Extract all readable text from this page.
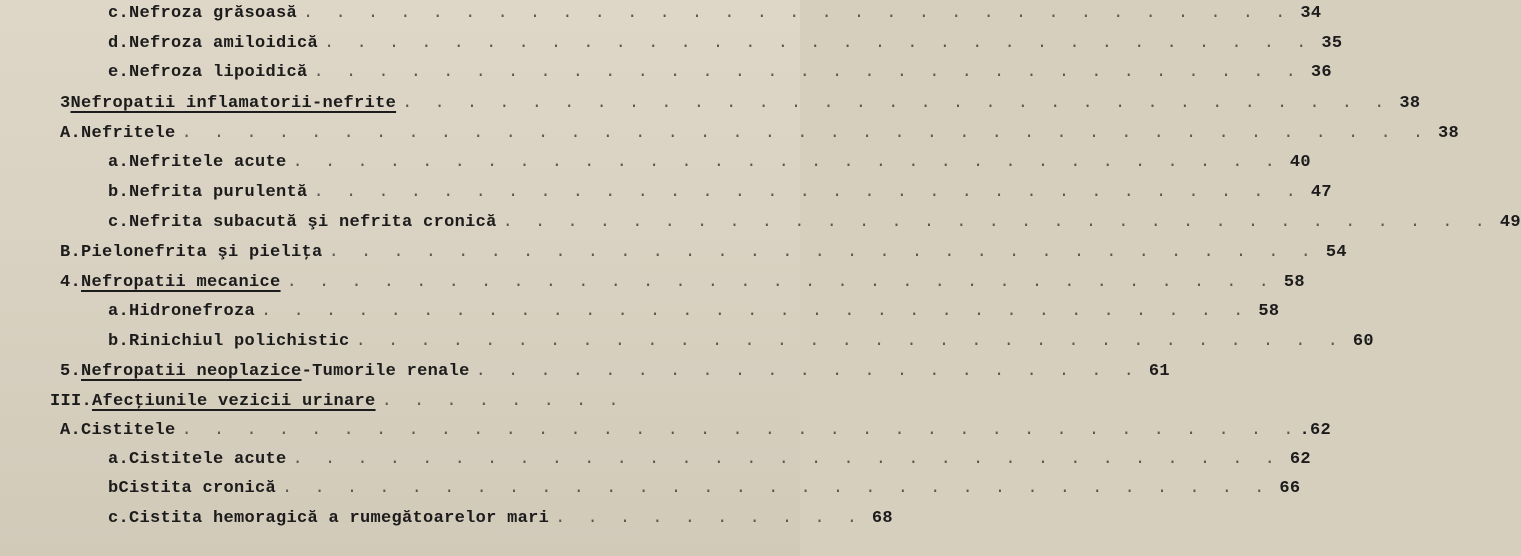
c. Nefroza grăsoasă . . . . . . . . . . . . . . . . . . . . . . . . . . . . . . . 34
d. Nefroza amiloidică . . . . . . . . . . . . . . . . . . . . . . . . . . . . . . . 35
e. Nefroza lipoidică . . . . . . . . . . . . . . . . . . . . . . . . . . . . . . . 36
3 Nefropatii inflamatorii-nefrite . . . . . . . . . . . . . . . . . . . . . . . . . . . . . . . 38
A. Nefritele . . . . . . . . . . . . . . . . . . . . . . . . . . . . . . . . . . . . . . . 38
a. Nefritele acute . . . . . . . . . . . . . . . . . . . . . . . . . . . . . . . 40
b. Nefrita purulentă . . . . . . . . . . . . . . . . . . . . . . . . . . . . . . . 47
c. Nefrita subacută şi nefrita cronică . . . . . . . . . . . . . . . . . . . . . . . . . . . . . . . 49
B. Pielonefrita şi pieliţa . . . . . . . . . . . . . . . . . . . . . . . . . . . . . . . 54
4. Nefropatii mecanice . . . . . . . . . . . . . . . . . . . . . . . . . . . . . . . 58
a. Hidronefroza . . . . . . . . . . . . . . . . . . . . . . . . . . . . . . . 58
b. Rinichiul polichistic . . . . . . . . . . . . . . . . . . . . . . . . . . . . . . . 60
5. Nefropatii neoplazice -Tumorile renale . . . . . . . . . . . . . . . . . . . . . 61
III. Afecţiunile vezicii urinare . . . . . . . .
A. Cistitele . . . . . . . . . . . . . . . . . . . . . . . . . . . . . . . . . . . .62
a. Cistitele acute . . . . . . . . . . . . . . . . . . . . . . . . . . . . . . . 62
b Cistita cronică . . . . . . . . . . . . . . . . . . . . . . . . . . . . . . . 66
c. Cistita hemoragică a rumegătoarelor mari . . . . . . . . . . 68
